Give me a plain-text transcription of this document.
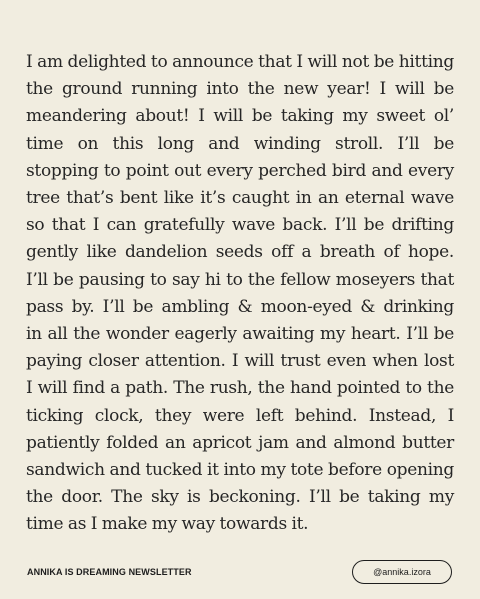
I am delighted to announce that I will not be hitting
the ground running into the new year! I will be
meandering about! I will be taking my sweet ol’
time on this long and winding stroll. I’ll be
stopping to point out every perched bird and every
tree that’s bent like it’s caught in an eternal wave
so that I can gratefully wave back. I’ll be drifting
gently like dandelion seeds off a breath of hope.
I’ll be pausing to say hi to the fellow moseyers that
pass by. I’ll be ambling & moon-eyed & drinking
in all the wonder eagerly awaiting my heart. I’ll be
paying closer attention. I will trust even when lost
I will find a path. The rush, the hand pointed to the
ticking clock, they were left behind. Instead, I
patiently folded an apricot jam and almond butter
sandwich and tucked it into my tote before opening
the door. The sky is beckoning. I’ll be taking my
time as I make my way towards it.
ANNIKA IS DREAMING NEWSLETTER	@annika.izora
